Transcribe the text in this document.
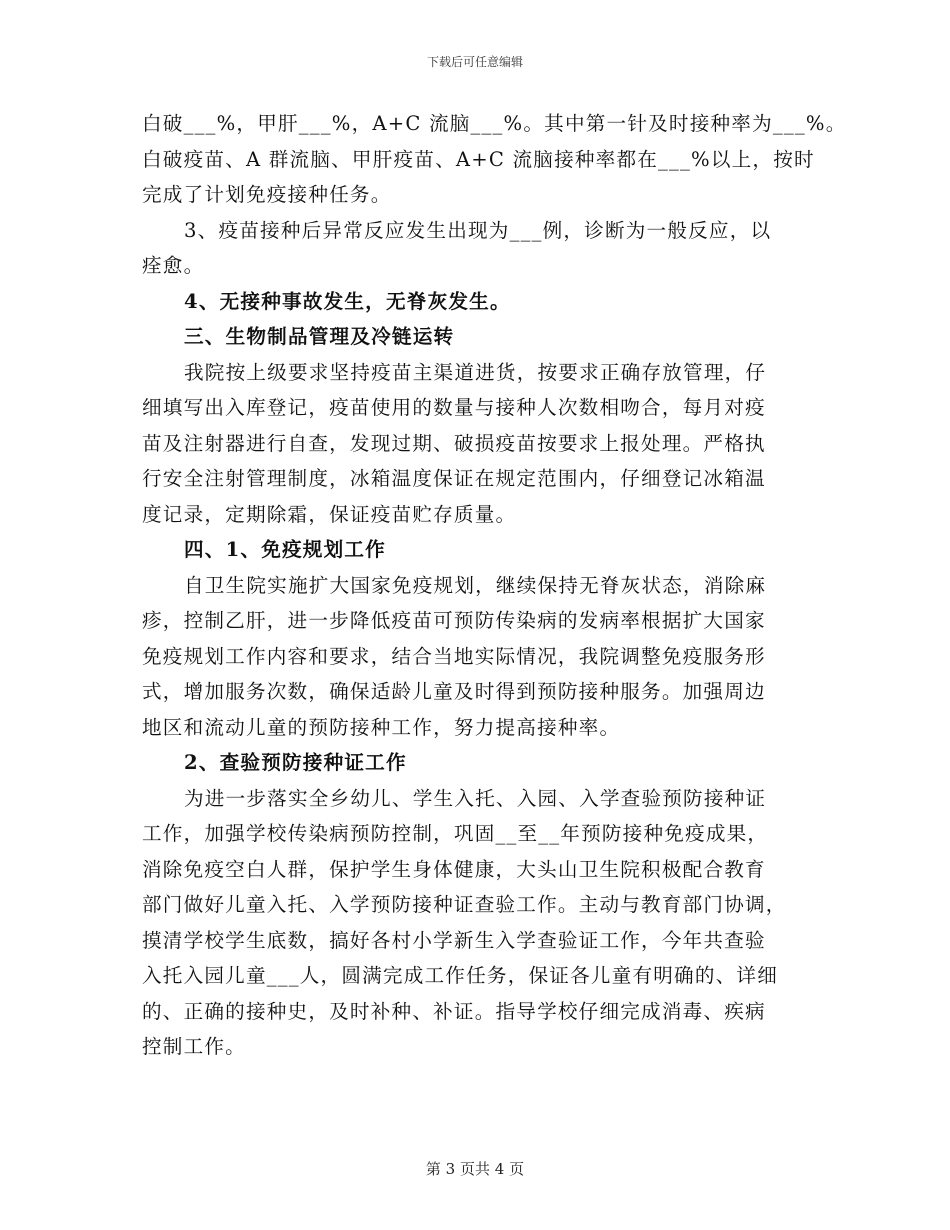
下载后可任意编辑

白破___%，甲肝___%，A+C 流脑___%。其中第一针及时接种率为___%。
白破疫苗、A 群流脑、甲肝疫苗、A+C 流脑接种率都在___%以上，按时
完成了计划免疫接种任务。

3、疫苗接种后异常反应发生出现为___例，诊断为一般反应，以
痊愈。

4、无接种事故发生，无脊灰发生。

三、生物制品管理及冷链运转

我院按上级要求坚持疫苗主渠道进货，按要求正确存放管理，仔
细填写出入库登记，疫苗使用的数量与接种人次数相吻合，每月对疫
苗及注射器进行自查，发现过期、破损疫苗按要求上报处理。严格执
行安全注射管理制度，冰箱温度保证在规定范围内，仔细登记冰箱温
度记录，定期除霜，保证疫苗贮存质量。

四、1、免疫规划工作

自卫生院实施扩大国家免疫规划，继续保持无脊灰状态，消除麻
疹，控制乙肝，进一步降低疫苗可预防传染病的发病率根据扩大国家
免疫规划工作内容和要求，结合当地实际情况，我院调整免疫服务形
式，增加服务次数，确保适龄儿童及时得到预防接种服务。加强周边
地区和流动儿童的预防接种工作，努力提高接种率。

2、查验预防接种证工作

为进一步落实全乡幼儿、学生入托、入园、入学查验预防接种证
工作，加强学校传染病预防控制，巩固__至__年预防接种免疫成果，
消除免疫空白人群，保护学生身体健康，大头山卫生院积极配合教育
部门做好儿童入托、入学预防接种证查验工作。主动与教育部门协调，
摸清学校学生底数，搞好各村小学新生入学查验证工作，今年共查验
入托入园儿童___人，圆满完成工作任务，保证各儿童有明确的、详细
的、正确的接种史，及时补种、补证。指导学校仔细完成消毒、疾病
控制工作。

第 3 页共 4 页
